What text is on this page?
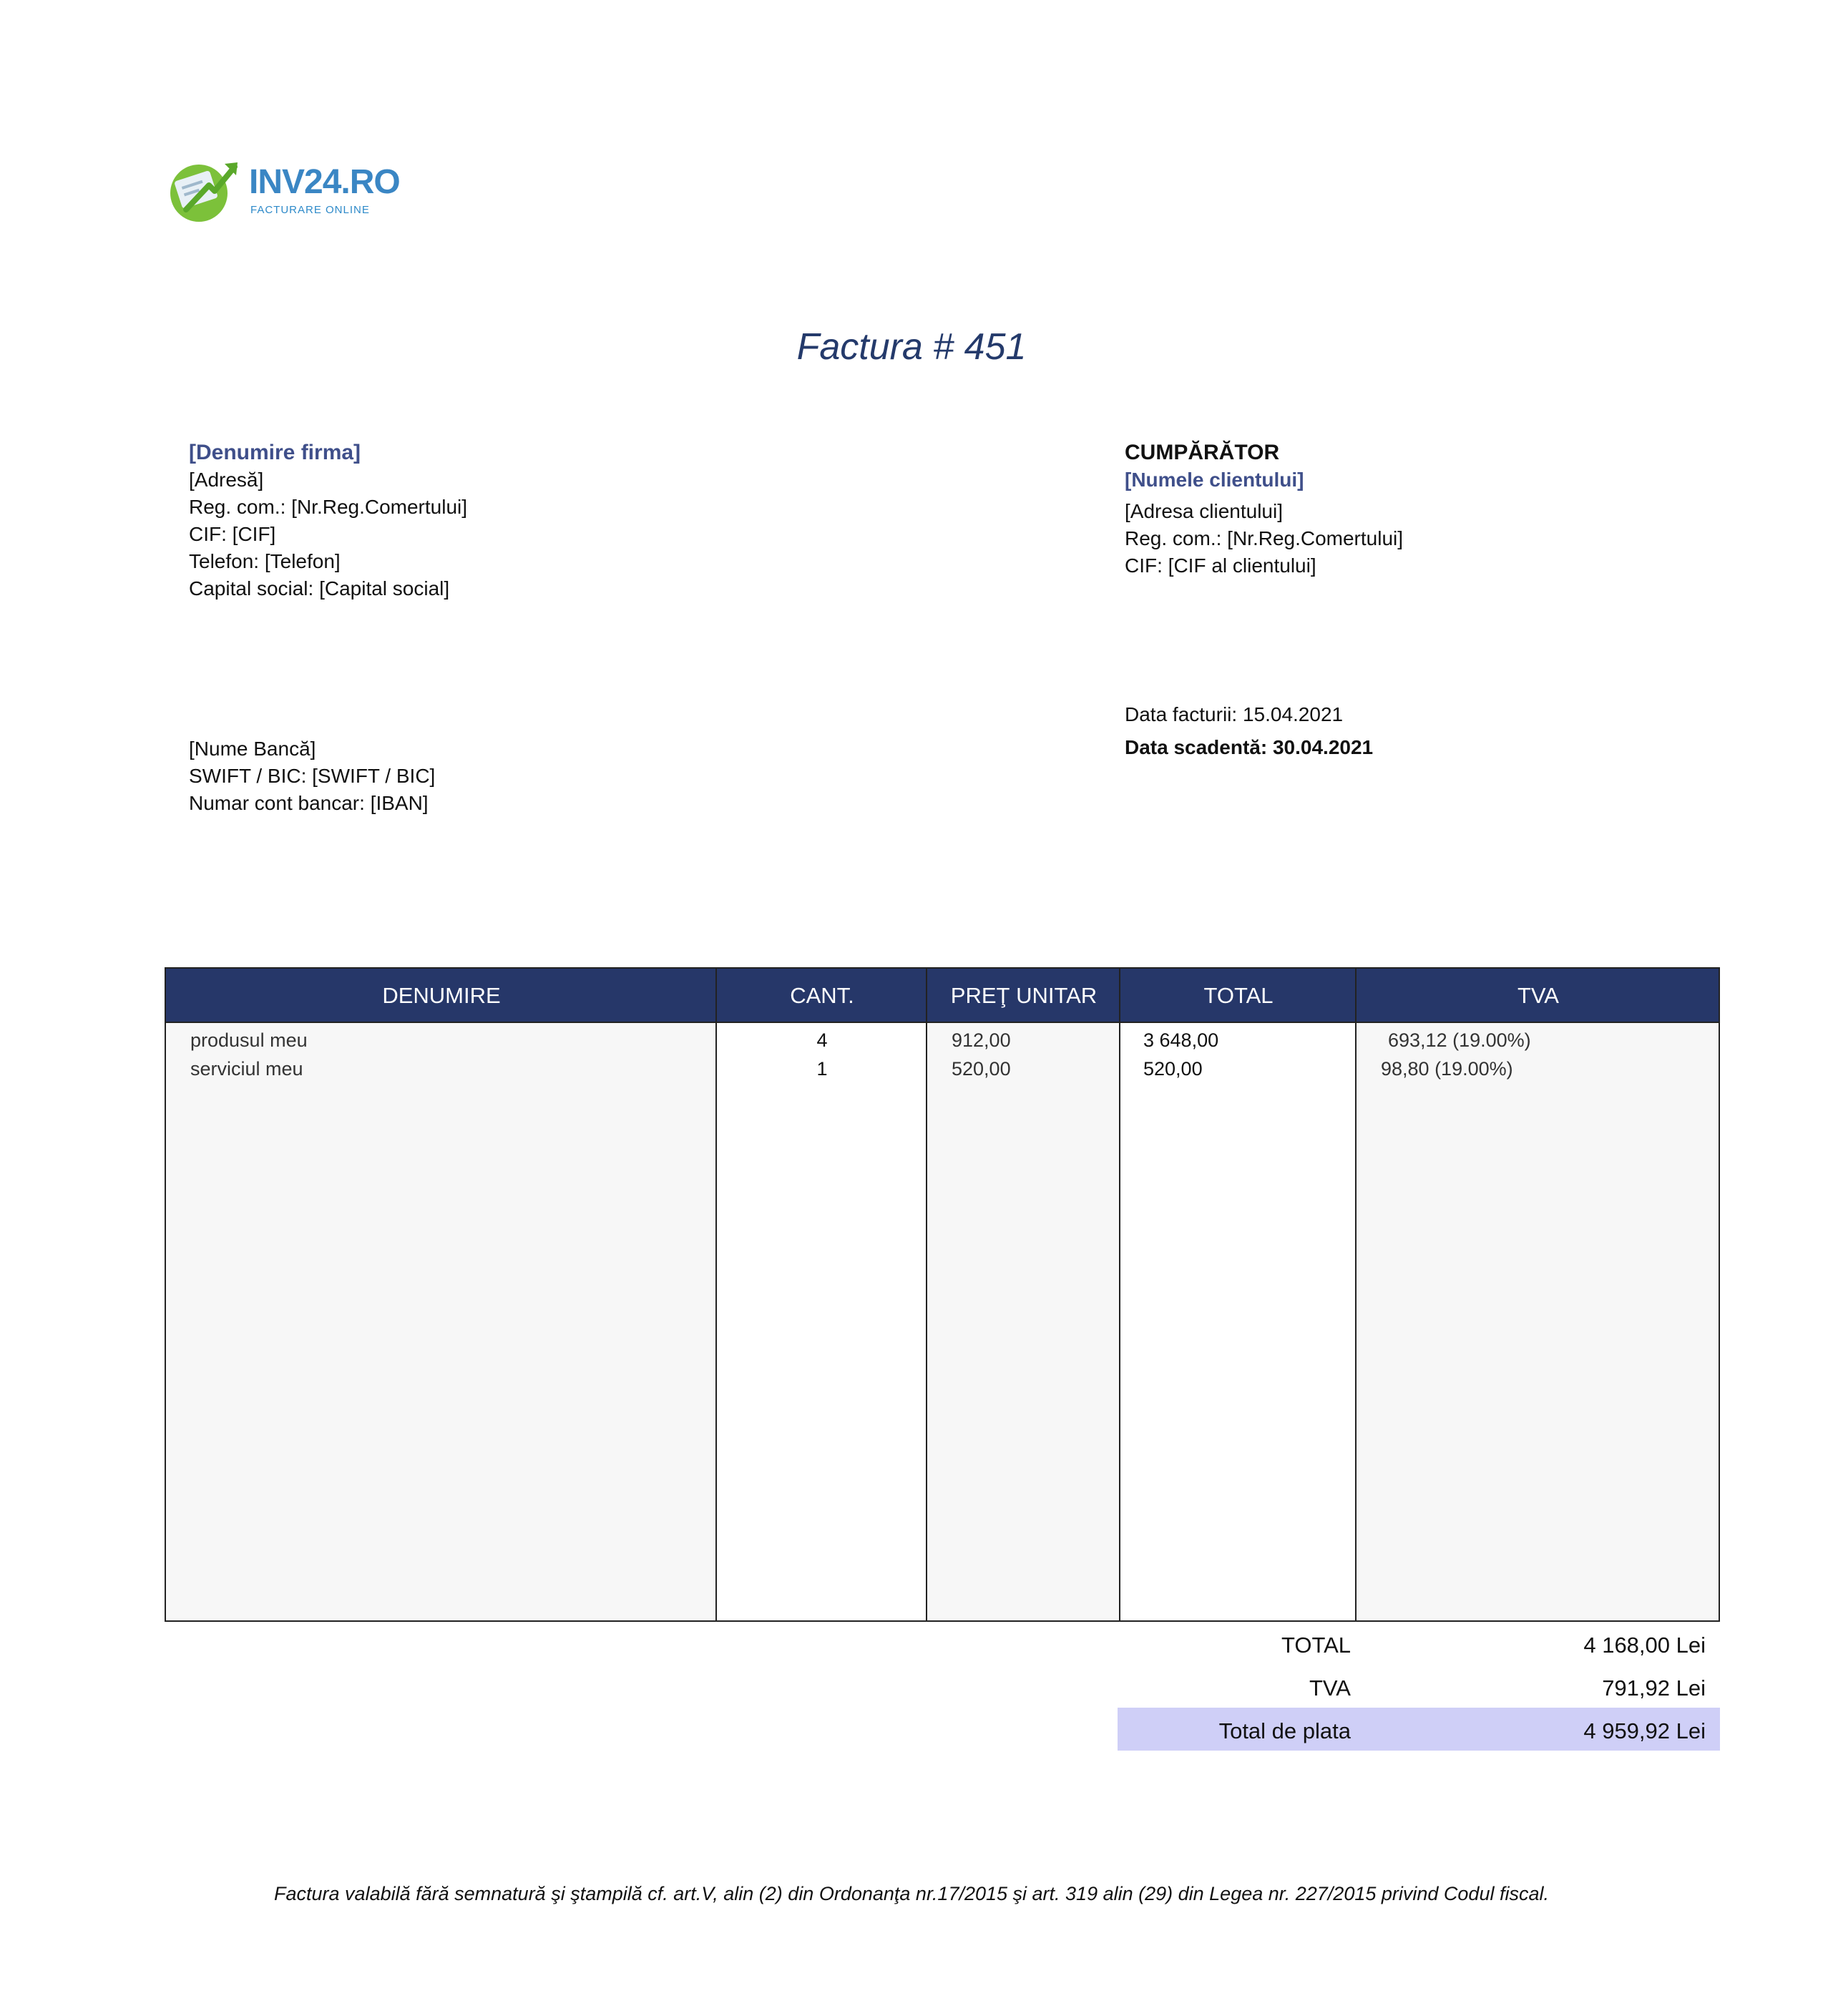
INV24.RO
FACTURARE ONLINE
Factura # 451
[Denumire firma]
[Adresă]
Reg. com.: [Nr.Reg.Comertului]
CIF: [CIF]
Telefon: [Telefon]
Capital social: [Capital social]
CUMPĂRĂTOR
[Numele clientului]
[Adresa clientului]
Reg. com.: [Nr.Reg.Comertului]
CIF: [CIF al clientului]
[Nume Bancă]
SWIFT / BIC: [SWIFT / BIC]
Numar cont bancar: [IBAN]
Data facturii: 15.04.2021
Data scadentă: 30.04.2021
DENUMIRE	CANT.	PREŢ UNITAR	TOTAL	TVA
produsul meu	4	912,00	3 648,00	693,12 (19.00%)
serviciul meu	1	520,00	520,00	98,80 (19.00%)
TOTAL	4 168,00 Lei
TVA	791,92 Lei
Total de plata	4 959,92 Lei
Factura valabilă fără semnatură şi ştampilă cf. art.V, alin (2) din Ordonanţa nr.17/2015 şi art. 319 alin (29) din Legea nr. 227/2015 privind Codul fiscal.
